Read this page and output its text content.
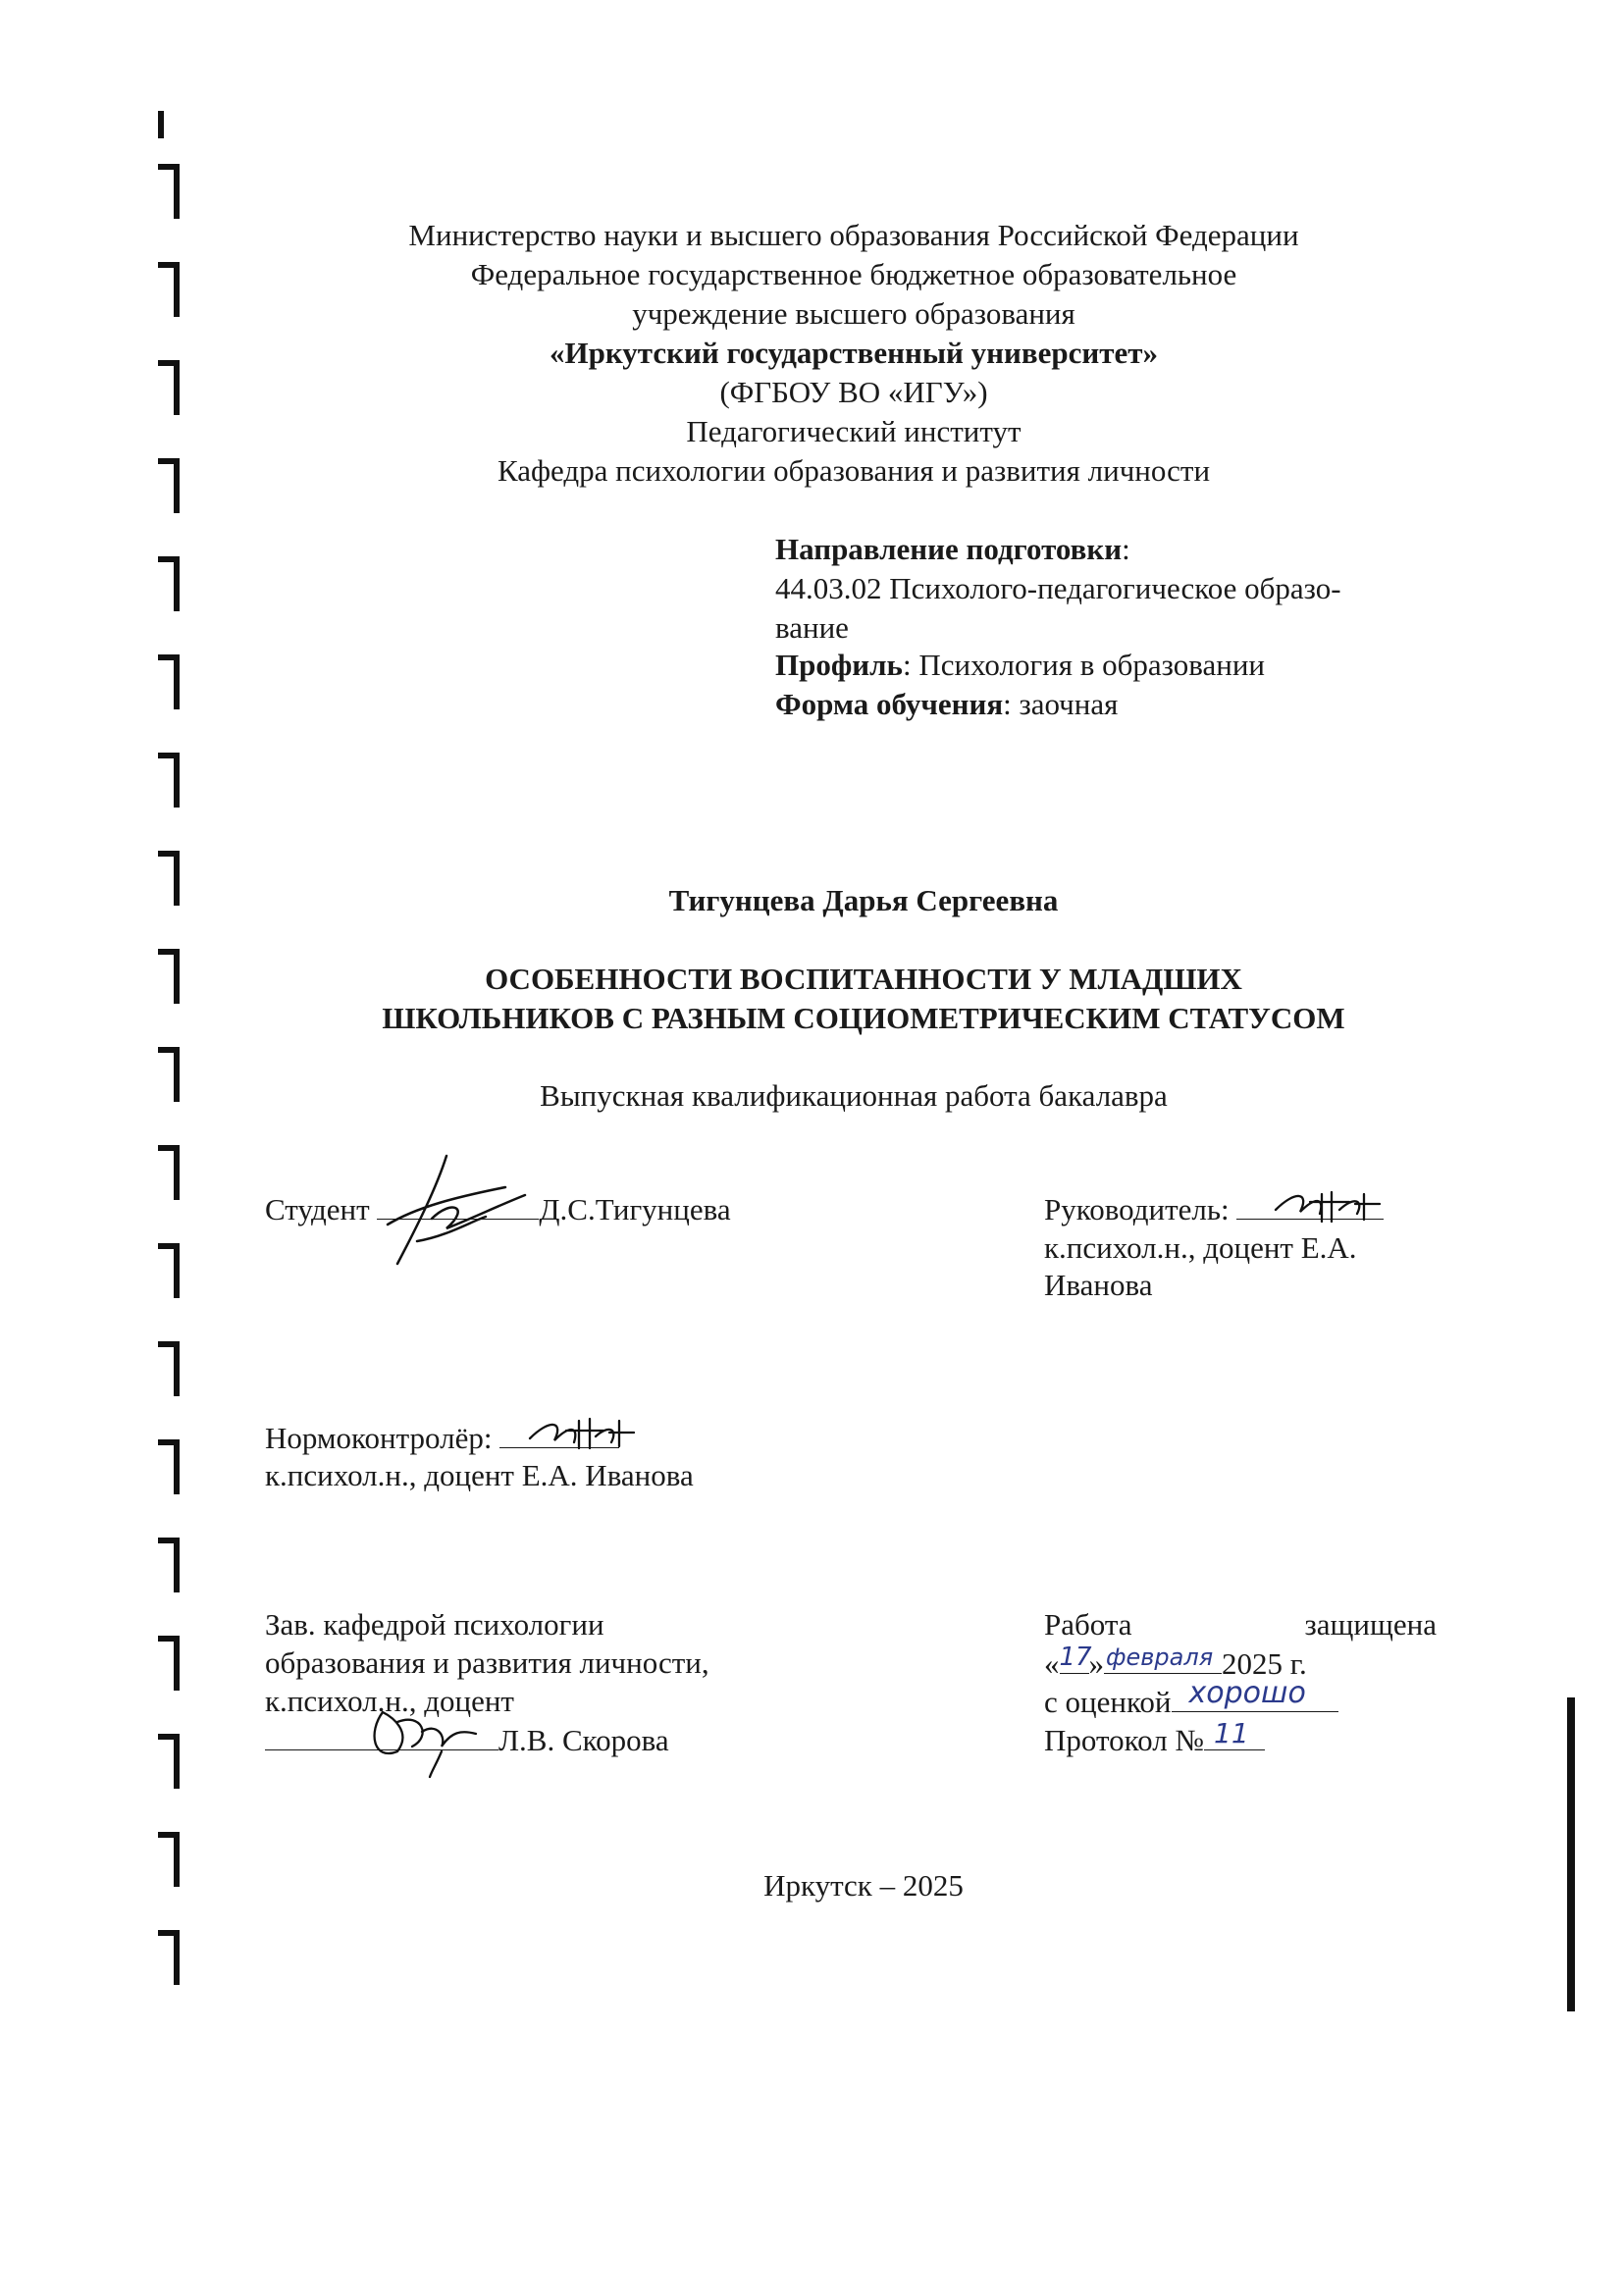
Министерство науки и высшего образования Российской Федерации
Федеральное государственное бюджетное образовательное
учреждение высшего образования
«Иркутский государственный университет»
(ФГБОУ ВО «ИГУ»)
Педагогический институт
Кафедра психологии образования и развития личности
Направление подготовки:
44.03.02 Психолого-педагогическое образо-
вание
Профиль: Психология в образовании
Форма обучения: заочная
Тигунцева Дарья Сергеевна
ОСОБЕННОСТИ ВОСПИТАННОСТИ У МЛАДШИХ
ШКОЛЬНИКОВ С РАЗНЫМ СОЦИОМЕТРИЧЕСКИМ СТАТУСОМ
Выпускная квалификационная работа бакалавра
Студент	Д.С.Тигунцева	Руководитель:
к.психол.н., доцент Е.А.
Иванова
Нормоконтролёр:
к.психол.н., доцент Е.А. Иванова
Зав. кафедрой психологии
образования и развития личности,
к.психол.н., доцент
Л.В. Скорова
Работа	защищена
« 17
» февраля 2025 г.
с оценкой хорошо
Протокол № 11
Иркутск – 2025
